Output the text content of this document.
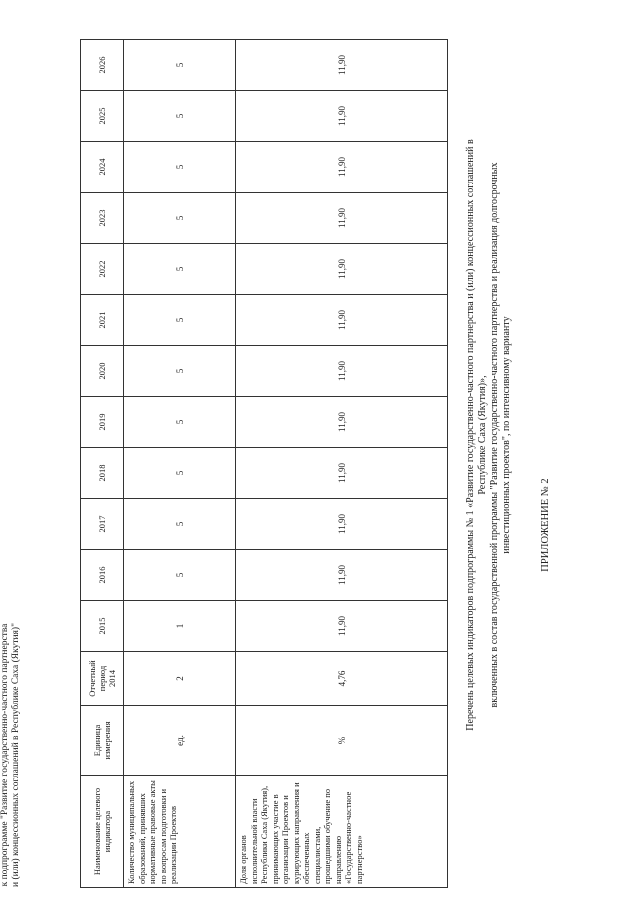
ПРИЛОЖЕНИЕ № 2
к подпрограмме "Развитие государственно-частного партнерства и (или) концессионных соглашений в Республике Саха (Якутия)"
Перечень целевых индикаторов подпрограммы № 1 «Развитие государственно-частного партнерства и (или) концессионных соглашений в Республике Саха (Якутия)», включенных в состав государственной программы "Развитие государственно-частного партнерства и реализация долгосрочных инвестиционных проектов", по интенсивному варианту
Наименование целевого индикатора	Единица измерения	Отчетный период 2014	2015	2016	2017	2018	2019	2020	2021	2022	2023	2024	2025	2026
Количество муниципальных образований, принявших нормативные правовые акты по вопросам подготовки и реализации Проектов	ед.	2	1	5	5	5	5	5	5	5	5	5	5	5
Доля органов исполнительной власти Республики Саха (Якутия), принимающих участие в организации Проектов и курирующих направления и обеспеченных специалистами, прошедшими обучение по направлению «Государственно-частное партнерство»	%	4,76	11,90	11,90	11,90	11,90	11,90	11,90	11,90	11,90	11,90	11,90	11,90	11,90
